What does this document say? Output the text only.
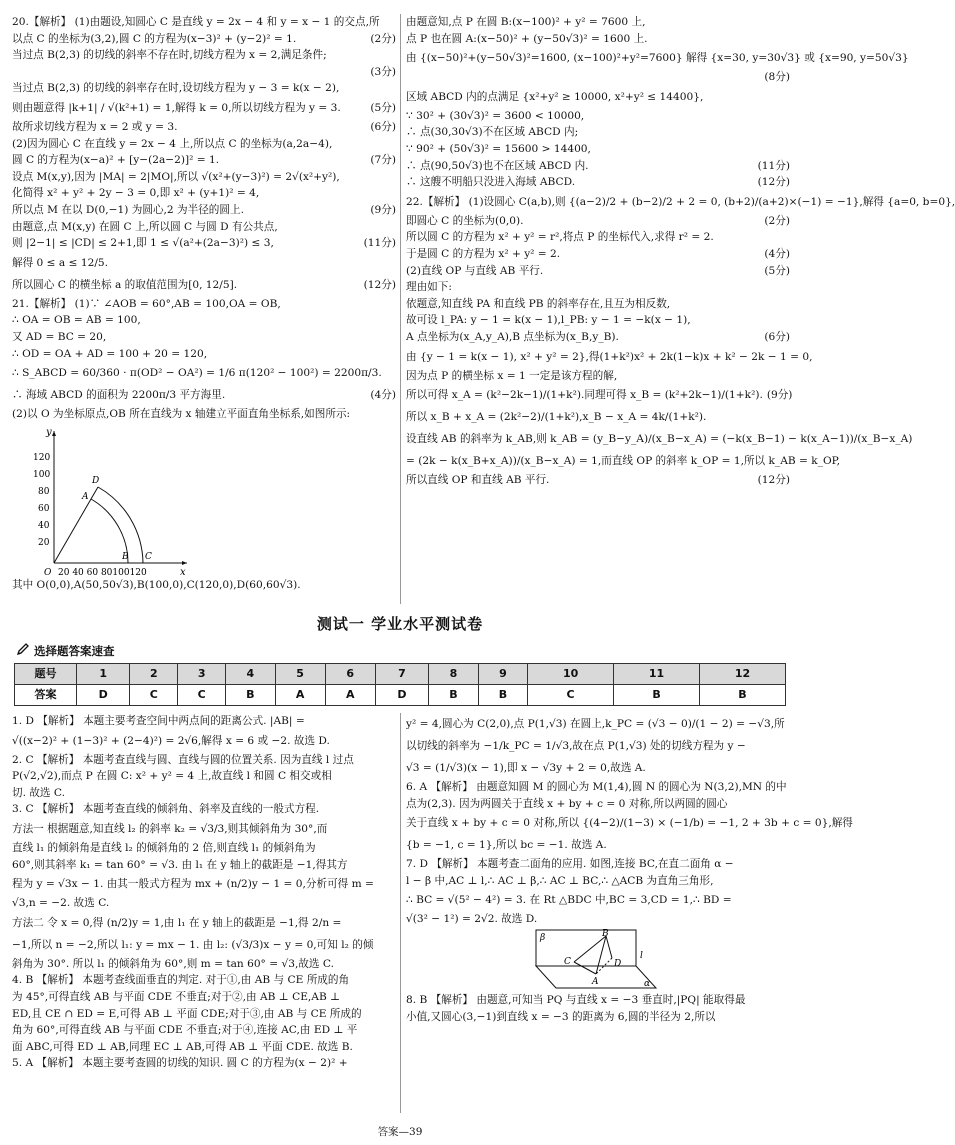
20.【解析】 (1)由题设,知圆心 C 是直线 y = 2x − 4 和 y = x − 1 的交点,所
以点 C 的坐标为(3,2),圆 C 的方程为(x−3)² + (y−2)² = 1.	(2分)
当过点 B(2,3) 的切线的斜率不存在时,切线方程为 x = 2,满足条件;
(3分)
当过点 B(2,3) 的切线的斜率存在时,设切线方程为 y − 3 = k(x − 2),
则由题意得 |k+1| / √(k²+1) = 1,解得 k = 0,所以切线方程为 y = 3.	(5分)
故所求切线方程为 x = 2 或 y = 3.	(6分)
(2)因为圆心 C 在直线 y = 2x − 4 上,所以点 C 的坐标为(a,2a−4),
圆 C 的方程为(x−a)² + [y−(2a−2)]² = 1.	(7分)
设点 M(x,y),因为 |MA| = 2|MO|,所以 √(x²+(y−3)²) = 2√(x²+y²),
化简得 x² + y² + 2y − 3 = 0,即 x² + (y+1)² = 4,
所以点 M 在以 D(0,−1) 为圆心,2 为半径的圆上.	(9分)
由题意,点 M(x,y) 在圆 C 上,所以圆 C 与圆 D 有公共点,
则 |2−1| ≤ |CD| ≤ 2+1,即 1 ≤ √(a²+(2a−3)²) ≤ 3,	(11分)
解得 0 ≤ a ≤ 12/5.
所以圆心 C 的横坐标 a 的取值范围为[0, 12/5].	(12分)
21.【解析】 (1)∵ ∠AOB = 60°,AB = 100,OA = OB,
∴ OA = OB = AB = 100,
又 AD = BC = 20,
∴ OD = OA + AD = 100 + 20 = 120,
∴ S_ABCD = 60/360 · π(OD² − OA²) = 1/6 π(120² − 100²) = 2200π/3.
∴ 海域 ABCD 的面积为 2200π/3 平方海里.	(4分)
(2)以 O 为坐标原点,OB 所在直线为 x 轴建立平面直角坐标系,如图所示:
x
y
120
100
80
60
40
20
20 40 60 80100120
O
A
B C
D
其中 O(0,0),A(50,50√3),B(100,0),C(120,0),D(60,60√3).
由题意知,点 P 在圆 B:(x−100)² + y² = 7600 上,
点 P 也在圆 A:(x−50)² + (y−50√3)² = 1600 上.
由 {(x−50)²+(y−50√3)²=1600, (x−100)²+y²=7600} 解得 {x=30, y=30√3} 或 {x=90, y=50√3}
(8分)
区域 ABCD 内的点满足 {x²+y² ≥ 10000, x²+y² ≤ 14400},
∵ 30² + (30√3)² = 3600 < 10000,
∴ 点(30,30√3)不在区域 ABCD 内;
∵ 90² + (50√3)² = 15600 > 14400,
∴ 点(90,50√3)也不在区域 ABCD 内.	(11分)
∴ 这艘不明船只没进入海域 ABCD.	(12分)
22.【解析】 (1)设圆心 C(a,b),则 {(a−2)/2 + (b−2)/2 + 2 = 0, (b+2)/(a+2)×(−1) = −1},解得 {a=0, b=0},
即圆心 C 的坐标为(0,0).	(2分)
所以圆 C 的方程为 x² + y² = r²,将点 P 的坐标代入,求得 r² = 2.
于是圆 C 的方程为 x² + y² = 2.	(4分)
(2)直线 OP 与直线 AB 平行.	(5分)
理由如下:
依题意,知直线 PA 和直线 PB 的斜率存在,且互为相反数,
故可设 l_PA: y − 1 = k(x − 1),l_PB: y − 1 = −k(x − 1),
A 点坐标为(x_A,y_A),B 点坐标为(x_B,y_B).	(6分)
由 {y − 1 = k(x − 1), x² + y² = 2},得(1+k²)x² + 2k(1−k)x + k² − 2k − 1 = 0,
因为点 P 的横坐标 x = 1 一定是该方程的解,
所以可得 x_A = (k²−2k−1)/(1+k²).同理可得 x_B = (k²+2k−1)/(1+k²). (9分)
所以 x_B + x_A = (2k²−2)/(1+k²),x_B − x_A = 4k/(1+k²).
设直线 AB 的斜率为 k_AB,则 k_AB = (y_B−y_A)/(x_B−x_A) = (−k(x_B−1) − k(x_A−1))/(x_B−x_A)
= (2k − k(x_B+x_A))/(x_B−x_A) = 1,而直线 OP 的斜率 k_OP = 1,所以 k_AB = k_OP,
所以直线 OP 和直线 AB 平行.	(12分)
测试一 学业水平测试卷
选择题答案速查
题号	1	2	3	4	5	6	7	8	9	10	11	12
答案	D	C	C	B	A	A	D	B	B	C	B	B
1. D 【解析】 本题主要考查空间中两点间的距离公式. |AB| =
√((x−2)² + (1−3)² + (2−4)²) = 2√6,解得 x = 6 或 −2. 故选 D.
2. C 【解析】 本题考查直线与圆、直线与圆的位置关系. 因为直线 l 过点
P(√2,√2),而点 P 在圆 C: x² + y² = 4 上,故直线 l 和圆 C 相交或相
切. 故选 C.
3. C 【解析】 本题考查直线的倾斜角、斜率及直线的一般式方程.
方法一 根据题意,知直线 l₂ 的斜率 k₂ = √3/3,则其倾斜角为 30°,而
直线 l₁ 的倾斜角是直线 l₂ 的倾斜角的 2 倍,则直线 l₁ 的倾斜角为
60°,则其斜率 k₁ = tan 60° = √3. 由 l₁ 在 y 轴上的截距是 −1,得其方
程为 y = √3x − 1. 由其一般式方程为 mx + (n/2)y − 1 = 0,分析可得 m =
√3,n = −2. 故选 C.
方法二 令 x = 0,得 (n/2)y = 1,由 l₁ 在 y 轴上的截距是 −1,得 2/n =
−1,所以 n = −2,所以 l₁: y = mx − 1. 由 l₂: (√3/3)x − y = 0,可知 l₂ 的倾
斜角为 30°. 所以 l₁ 的倾斜角为 60°,则 m = tan 60° = √3,故选 C.
4. B 【解析】 本题考查线面垂直的判定. 对于①,由 AB 与 CE 所成的角
为 45°,可得直线 AB 与平面 CDE 不垂直;对于②,由 AB ⊥ CE,AB ⊥
ED,且 CE ∩ ED = E,可得 AB ⊥ 平面 CDE;对于③,由 AB 与 CE 所成的
角为 60°,可得直线 AB 与平面 CDE 不垂直;对于④,连接 AC,由 ED ⊥ 平
面 ABC,可得 ED ⊥ AB,同理 EC ⊥ AB,可得 AB ⊥ 平面 CDE. 故选 B.
5. A 【解析】 本题主要考查圆的切线的知识. 圆 C 的方程为(x − 2)² +
y² = 4,圆心为 C(2,0),点 P(1,√3) 在圆上,k_PC = (√3 − 0)/(1 − 2) = −√3,所
以切线的斜率为 −1/k_PC = 1/√3,故在点 P(1,√3) 处的切线方程为 y −
√3 = (1/√3)(x − 1),即 x − √3y + 2 = 0,故选 A.
6. A 【解析】 由题意知圆 M 的圆心为 M(1,4),圆 N 的圆心为 N(3,2),MN 的中
点为(2,3). 因为两圆关于直线 x + by + c = 0 对称,所以两圆的圆心
关于直线 x + by + c = 0 对称,所以 {(4−2)/(1−3) × (−1/b) = −1, 2 + 3b + c = 0},解得
{b = −1, c = 1},所以 bc = −1. 故选 A.
7. D 【解析】 本题考查二面角的应用. 如图,连接 BC,在直二面角 α −
l − β 中,AC ⊥ l,∴ AC ⊥ β,∴ AC ⊥ BC,∴ △ACB 为直角三角形,
∴ BC = √(5² − 4²) = 3. 在 Rt △BDC 中,BC = 3,CD = 1,∴ BD =
√(3² − 1²) = 2√2. 故选 D.
β
α
l
A
B
C	D
8. B 【解析】 由题意,可知当 PQ 与直线 x = −3 垂直时,|PQ| 能取得最
小值,又圆心(3,−1)到直线 x = −3 的距离为 6,圆的半径为 2,所以
答案—39
